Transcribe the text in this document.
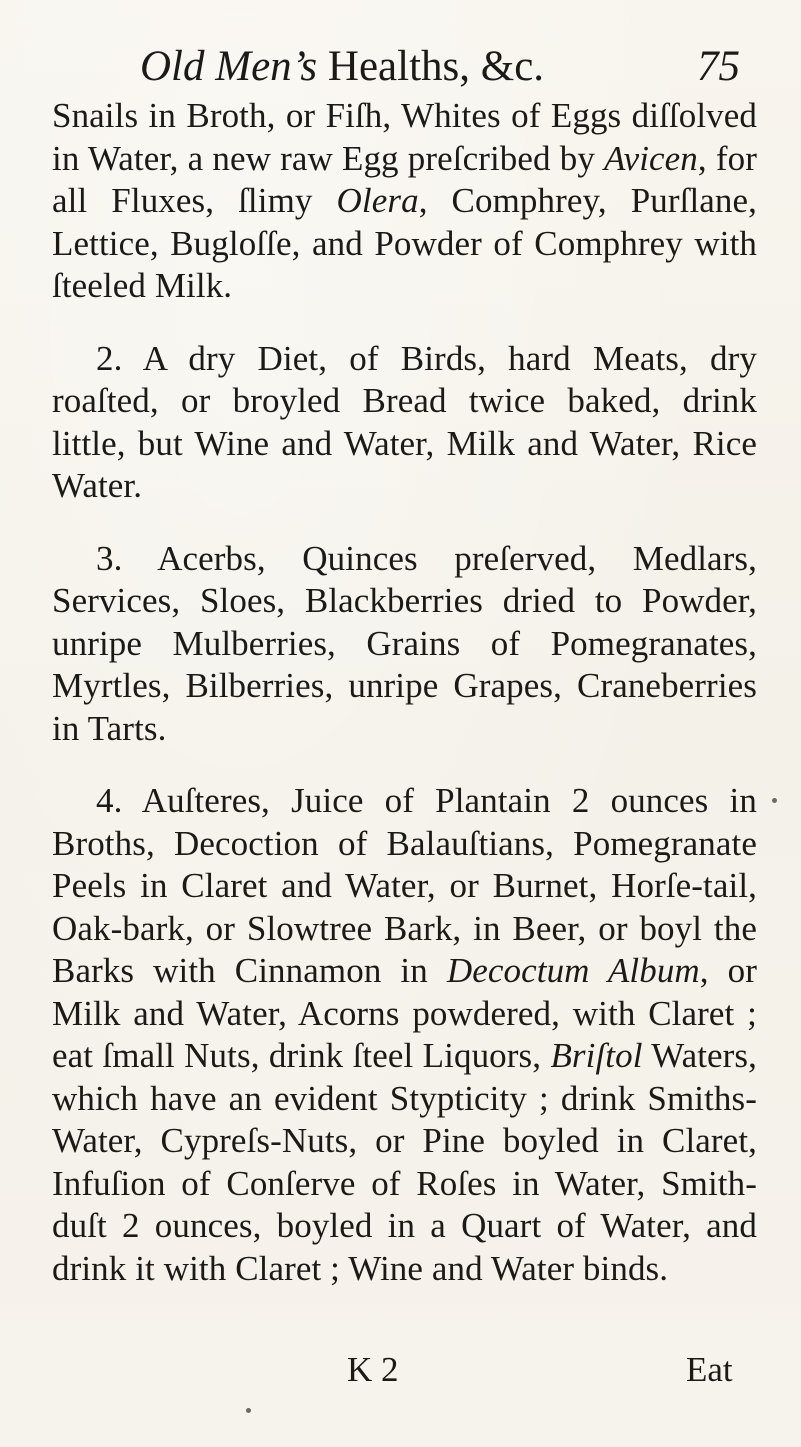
Old Men’s Healths, &c.	75

Snails in Broth, or Fiſh, Whites of Eggs diſſolved in Water, a new raw Egg preſcribed by Avicen, for all Fluxes, ſlimy Olera, Comphrey, Purſlane, Lettice, Bugloſſe, and Powder of Comphrey with ſteeled Milk.

2. A dry Diet, of Birds, hard Meats, dry roaſted, or broyled Bread twice baked, drink little, but Wine and Water, Milk and Water, Rice Water.

3. Acerbs, Quinces preſerved, Medlars, Services, Sloes, Blackberries dried to Powder, unripe Mulberries, Grains of Pomegranates, Myrtles, Bilberries, unripe Grapes, Craneberries in Tarts.

4. Auſteres, Juice of Plantain 2 ounces in Broths, Decoction of Balauſtians, Pomegranate Peels in Claret and Water, or Burnet, Horſe-tail, Oak-bark, or Slowtree Bark, in Beer, or boyl the Barks with Cinnamon in Decoctum Album, or Milk and Water, Acorns powdered, with Claret ; eat ſmall Nuts, drink ſteel Liquors, Briſtol Waters, which have an evident Stypticity ; drink Smiths-Water, Cypreſs-Nuts, or Pine boyled in Claret, Infuſion of Conſerve of Roſes in Water, Smith-duſt 2 ounces, boyled in a Quart of Water, and drink it with Claret ; Wine and Water binds.

K 2	Eat
